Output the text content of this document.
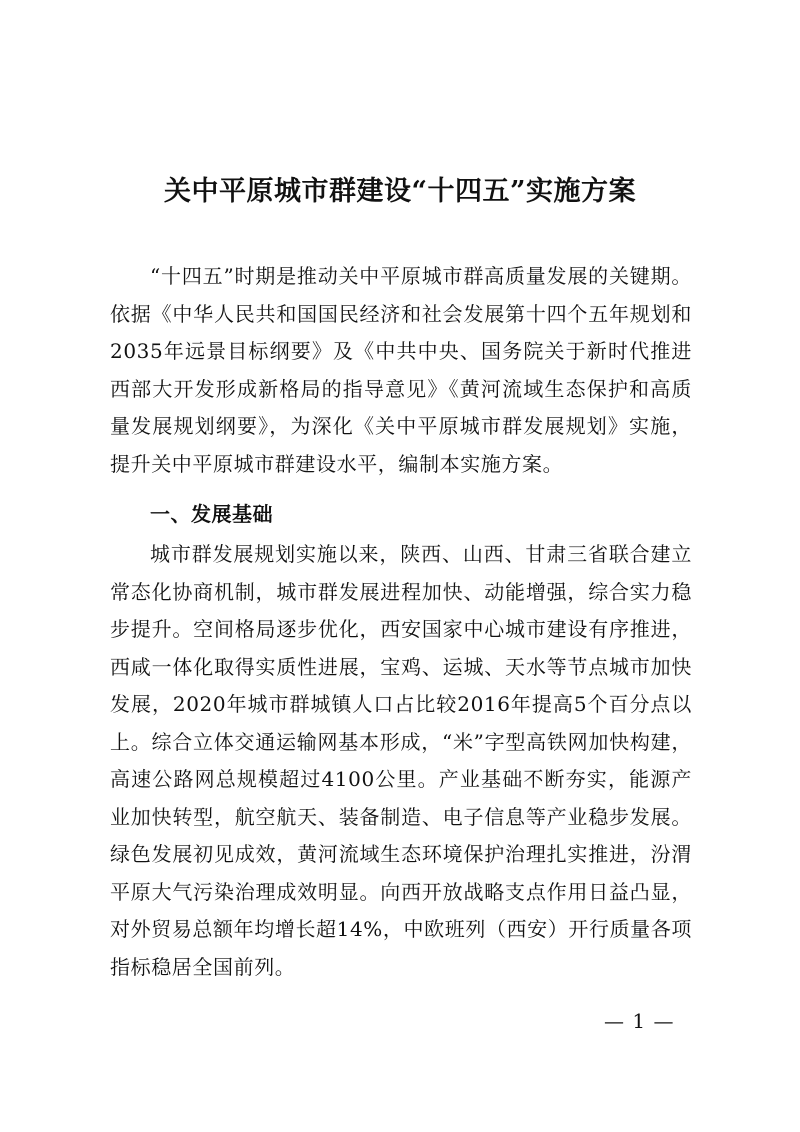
关中平原城市群建设“十四五”实施方案

“十四五”时期是推动关中平原城市群高质量发展的关键期。依据《中华人民共和国国民经济和社会发展第十四个五年规划和2035年远景目标纲要》及《中共中央、国务院关于新时代推进西部大开发形成新格局的指导意见》《黄河流域生态保护和高质量发展规划纲要》，为深化《关中平原城市群发展规划》实施，提升关中平原城市群建设水平，编制本实施方案。

一、发展基础

城市群发展规划实施以来，陕西、山西、甘肃三省联合建立常态化协商机制，城市群发展进程加快、动能增强，综合实力稳步提升。空间格局逐步优化，西安国家中心城市建设有序推进，西咸一体化取得实质性进展，宝鸡、运城、天水等节点城市加快发展，2020年城市群城镇人口占比较2016年提高5个百分点以上。综合立体交通运输网基本形成，“米”字型高铁网加快构建，高速公路网总规模超过4100公里。产业基础不断夯实，能源产业加快转型，航空航天、装备制造、电子信息等产业稳步发展。绿色发展初见成效，黄河流域生态环境保护治理扎实推进，汾渭平原大气污染治理成效明显。向西开放战略支点作用日益凸显，对外贸易总额年均增长超14%，中欧班列（西安）开行质量各项指标稳居全国前列。

— 1 —
